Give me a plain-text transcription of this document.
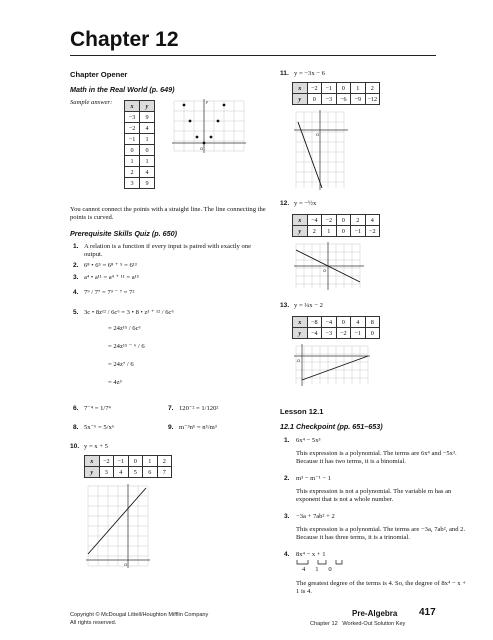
Chapter 12
Chapter Opener
Math in the Real World (p. 649)
Sample answer:	x	y
−3	9
−2	4
−1	1
0	0
1	1
2	4
3	9
O
y
You cannot connect the points with a straight line. The line connecting the points is curved.
Prerequisite Skills Quiz (p. 650)
1. A relation is a function if every input is paired with exactly one output.
2. 6⁸ • 6⁵ = 6⁸ ⁺ ⁵ = 6¹³
3. a⁴ • a¹¹ = a⁴ ⁺ ¹¹ = a¹⁵
4. 7⁹ / 7⁷ = 7⁹ ⁻ ⁷ = 7²
5. 3c • 8z¹² / 6c⁶ = 3 • 8 • z³ ⁺ ¹² / 6c⁶
= 24z¹⁵ / 6c⁶
= 24z¹⁵ ⁻ ⁶ / 6
= 24z⁷ / 6
= 4z³
6. 7⁻⁴ = 1/7⁴	7. 120⁻² = 1/120²
8. 5x⁻⁶ = 5/x⁶	9. m⁻³n⁵ = n⁵/m³
10. y = x + 5
x	−2	−1	0	1	2
y	3	4	5	6	7
O
11. y = −3x − 6
x	−2	−1	0	1	2
y	0	−3	−6	−9	−12
O
12. y = −½x
x	−4	−2	0	2	4
y	2	1	0	−1	−2
O
13. y = ¼x − 2
x	−8	−4	0	4	8
y	−4	−3	−2	−1	0
O
Lesson 12.1
12.1 Checkpoint (pp. 651–653)
1. 6x⁴ − 5x³
This expression is a polynomial. The terms are 6x⁴ and −5x³. Because it has two terms, it is a binomial.
2. m³ − m⁻¹ − 1
This expression is not a polynomial. The variable m has an exponent that is not a whole number.
3. −3a + 7ab² + 2
This expression is a polynomial. The terms are −3a, 7ab², and 2. Because it has three terms, it is a trinomial.
4. 8x⁴ − x + 1
4      1      0
The greatest degree of the terms is 4. So, the degree of 8x⁴ − x + 1 is 4.
Copyright © McDougal Littell/Houghton Mifflin Company
All rights reserved.
Pre-Algebra 417
Chapter 12   Worked-Out Solution Key
